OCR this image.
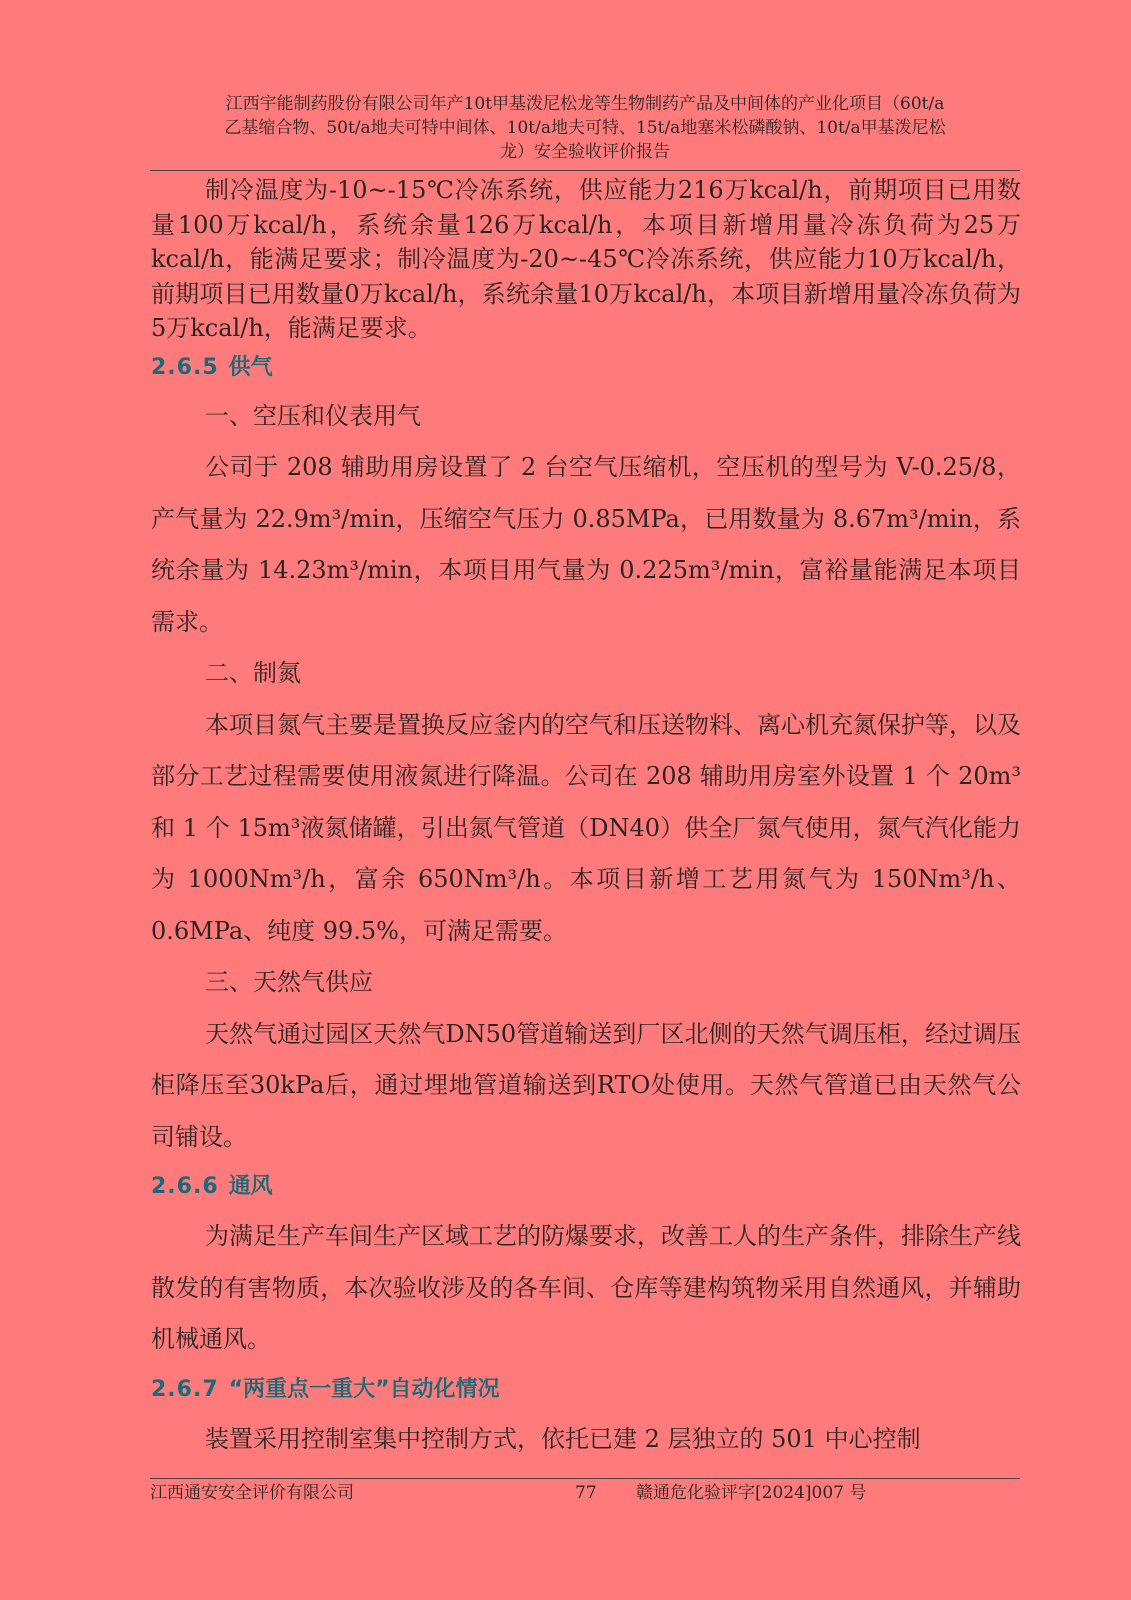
江西宇能制药股份有限公司年产10t甲基泼尼松龙等生物制药产品及中间体的产业化项目（60t/a
乙基缩合物、50t/a地夫可特中间体、10t/a地夫可特、15t/a地塞米松磷酸钠、10t/a甲基泼尼松
龙）安全验收评价报告

制冷温度为-10~-15℃冷冻系统，供应能力216万kcal/h，前期项目已用数量100万kcal/h，系统余量126万kcal/h，本项目新增用量冷冻负荷为25万kcal/h，能满足要求；制冷温度为-20~-45℃冷冻系统，供应能力10万kcal/h，前期项目已用数量0万kcal/h，系统余量10万kcal/h，本项目新增用量冷冻负荷为5万kcal/h，能满足要求。

2.6.5 供气

一、空压和仪表用气

公司于 208 辅助用房设置了 2 台空气压缩机，空压机的型号为 V-0.25/8，产气量为 22.9m³/min，压缩空气压力 0.85MPa，已用数量为 8.67m³/min，系统余量为 14.23m³/min，本项目用气量为 0.225m³/min，富裕量能满足本项目需求。

二、制氮

本项目氮气主要是置换反应釜内的空气和压送物料、离心机充氮保护等，以及部分工艺过程需要使用液氮进行降温。公司在 208 辅助用房室外设置 1 个 20m³和 1 个 15m³液氮储罐，引出氮气管道（DN40）供全厂氮气使用，氮气汽化能力为 1000Nm³/h，富余 650Nm³/h。本项目新增工艺用氮气为 150Nm³/h、0.6MPa、纯度 99.5%，可满足需要。

三、天然气供应

天然气通过园区天然气DN50管道输送到厂区北侧的天然气调压柜，经过调压柜降压至30kPa后，通过埋地管道输送到RTO处使用。天然气管道已由天然气公司铺设。

2.6.6 通风

为满足生产车间生产区域工艺的防爆要求，改善工人的生产条件，排除生产线散发的有害物质，本次验收涉及的各车间、仓库等建构筑物采用自然通风，并辅助机械通风。

2.6.7 “两重点一重大”自动化情况

装置采用控制室集中控制方式，依托已建 2 层独立的 501 中心控制

江西通安安全评价有限公司	77 赣通危化验评字[2024]007 号
